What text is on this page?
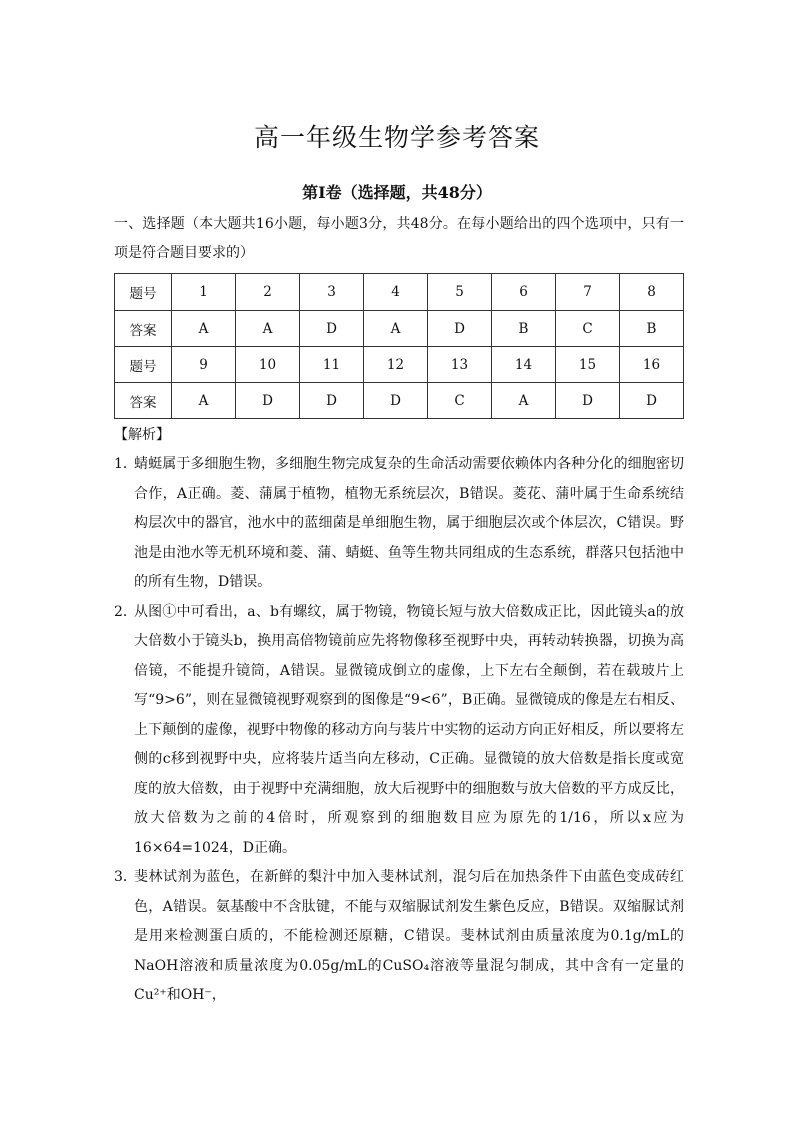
高一年级生物学参考答案
第Ⅰ卷（选择题，共48分）
一、选择题（本大题共16小题，每小题3分，共48分。在每小题给出的四个选项中，只有一项是符合题目要求的）
题号	1	2	3	4	5	6	7	8
答案	A	A	D	A	D	B	C	B
题号	9	10	11	12	13	14	15	16
答案	A	D	D	D	C	A	D	D
【解析】
1．
蜻蜓属于多细胞生物，多细胞生物完成复杂的生命活动需要依赖体内各种分化的细胞密切合作，A正确。菱、蒲属于植物，植物无系统层次，B错误。菱花、蒲叶属于生命系统结构层次中的器官，池水中的蓝细菌是单细胞生物，属于细胞层次或个体层次，C错误。野池是由池水等无机环境和菱、蒲、蜻蜓、鱼等生物共同组成的生态系统，群落只包括池中的所有生物，D错误。
2．
从图①中可看出，a、b有螺纹，属于物镜，物镜长短与放大倍数成正比，因此镜头a的放大倍数小于镜头b，换用高倍物镜前应先将物像移至视野中央，再转动转换器，切换为高倍镜，不能提升镜筒，A错误。显微镜成倒立的虚像，上下左右全颠倒，若在载玻片上写“9>6”，则在显微镜视野观察到的图像是“9<6”，B正确。显微镜成的像是左右相反、上下颠倒的虚像，视野中物像的移动方向与装片中实物的运动方向正好相反，所以要将左侧的c移到视野中央，应将装片适当向左移动，C正确。显微镜的放大倍数是指长度或宽度的放大倍数，由于视野中充满细胞，放大后视野中的细胞数与放大倍数的平方成反比，放大倍数为之前的4倍时，所观察到的细胞数目应为原先的1/16，所以x应为16×64=1024，D正确。
3．
斐林试剂为蓝色，在新鲜的梨汁中加入斐林试剂，混匀后在加热条件下由蓝色变成砖红色，A错误。氨基酸中不含肽键，不能与双缩脲试剂发生紫色反应，B错误。双缩脲试剂是用来检测蛋白质的，不能检测还原糖，C错误。斐林试剂由质量浓度为0.1g/mL的NaOH溶液和质量浓度为0.05g/mL的CuSO₄溶液等量混匀制成，其中含有一定量的Cu²⁺和OH⁻，
